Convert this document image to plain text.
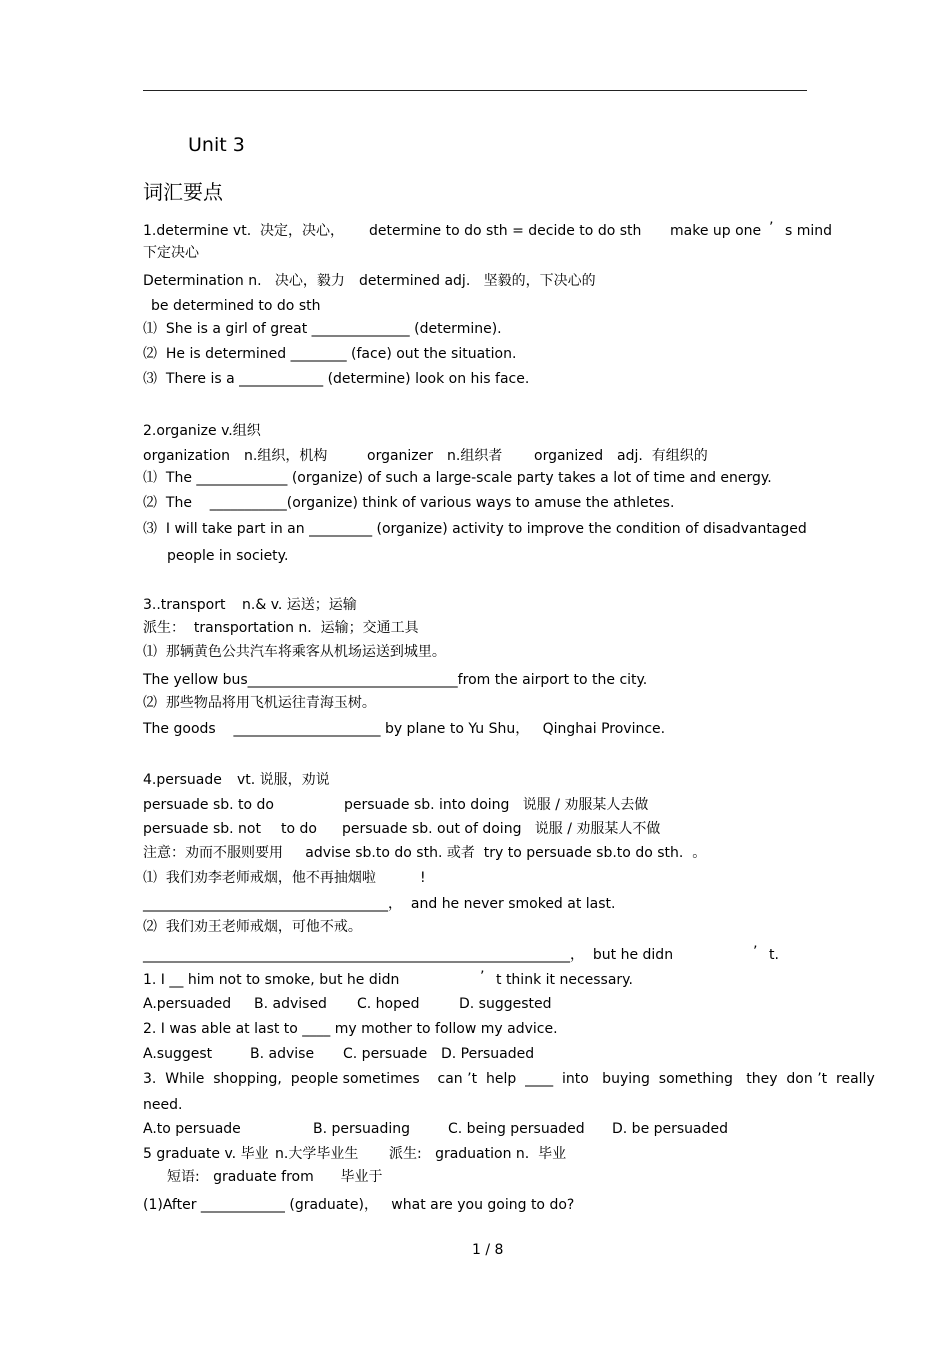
Unit 3
词汇要点
1.determine vt.  决定，决心， determine to do sth = decide to do sth make up one ’ s mind
下定决心
Determination n.   决心，毅力 determined adj.   坚毅的，下决心的
be determined to do sth
⑴  She is a girl of great ______________ (determine).
⑵  He is determined ________ (face) out the situation.
⑶  There is a ____________ (determine) look on his face.
2.organize v.组织
organization n.组织，机构	organizer n.组织者 organized adj.  有组织的
⑴  The _____________ (organize) of such a large-scale party takes a lot of time and energy.
⑵  The    ___________(organize) think of various ways to amuse the athletes.
⑶  I will take part in an _________ (organize) activity to improve the condition of disadvantaged
people in society.
3..transport n.& v. 运送；运输
派生：  transportation n.  运输；交通工具
⑴  那辆黄色公共汽车将乘客从机场运送到城里。
The yellow bus______________________________from the airport to the city.
⑵  那些物品将用飞机运往青海玉树。
The goods    _____________________ by plane to Yu Shu，   Qinghai Province.
4.persuade vt. 说服，劝说
persuade sb. to do	persuade sb. into doing   说服 / 劝服某人去做
persuade sb. not to do persuade sb. out of doing   说服 / 劝服某人不做
注意：劝而不服则要用     advise sb.to do sth. 或者  try to persuade sb.to do sth.  。
⑴  我们劝李老师戒烟，他不再抽烟啦	!
___________________________________，  and he never smoked at last.
⑵  我们劝王老师戒烟，可他不戒。
_____________________________________________________________，  but he didn	’ t.
1. I __ him not to smoke, but he didn	’ t think it necessary.
A.persuaded B. advised C. hoped	D. suggested
2. I was able at last to ____ my mother to follow my advice.
A.suggest	B. advise C. persuade D. Persuaded
3.  While  shopping,  people sometimes    can ’t  help  ____  into   buying  something   they  don ’t  really
need.
A.to persuade	B. persuading	C. being persuaded D. be persuaded
5 graduate v. 毕业 n.大学毕业生 派生:   graduation n.  毕业
短语:   graduate from      毕业于
(1)After ____________ (graduate)，   what are you going to do?
1 / 8
